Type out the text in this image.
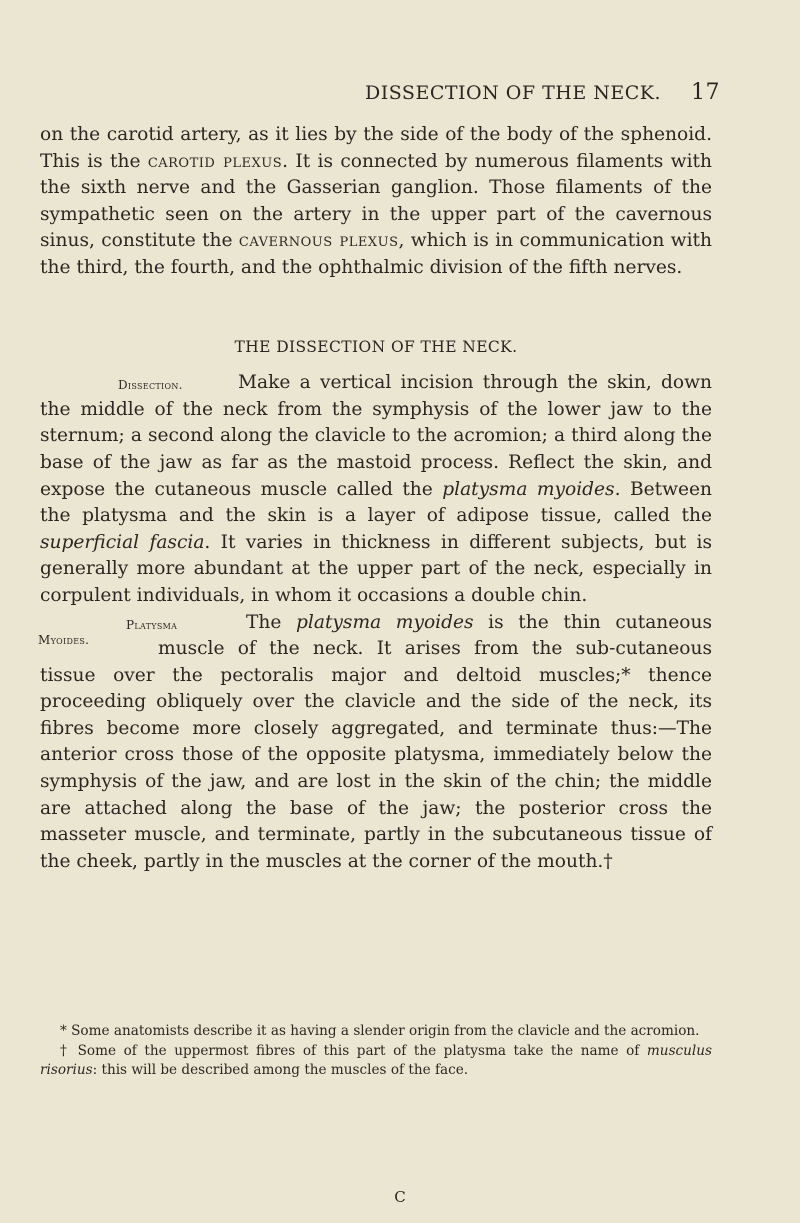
DISSECTION OF THE NECK. 17

on the carotid artery, as it lies by the side of the body of the sphenoid. This is the carotid plexus. It is connected by numerous filaments with the sixth nerve and the Gasserian ganglion. Those filaments of the sympathetic seen on the artery in the upper part of the cavernous sinus, constitute the cavernous plexus, which is in communication with the third, the fourth, and the ophthalmic division of the fifth nerves.

THE DISSECTION OF THE NECK.

Dissection.	Make a vertical incision through the skin, down the middle of the neck from the symphysis of the lower jaw to the sternum; a second along the clavicle to the acromion; a third along the base of the jaw as far as the mastoid process. Reflect the skin, and expose the cutaneous muscle called the platysma myoides. Between the platysma and the skin is a layer of adipose tissue, called the superficial fascia. It varies in thickness in different subjects, but is generally more abundant at the upper part of the neck, especially in corpulent individuals, in whom it occasions a double chin.

Platysma Myoides.
The platysma myoides is the thin cutaneous muscle of the neck. It arises from the sub-cutaneous tissue over the pectoralis major and deltoid muscles;* thence proceeding obliquely over the clavicle and the side of the neck, its fibres become more closely aggregated, and terminate thus:—The anterior cross those of the opposite platysma, immediately below the symphysis of the jaw, and are lost in the skin of the chin; the middle are attached along the base of the jaw; the posterior cross the masseter muscle, and terminate, partly in the subcutaneous tissue of the cheek, partly in the muscles at the corner of the mouth.†

* Some anatomists describe it as having a slender origin from the clavicle and the acromion.

† Some of the uppermost fibres of this part of the platysma take the name of musculus risorius: this will be described among the muscles of the face.

C
